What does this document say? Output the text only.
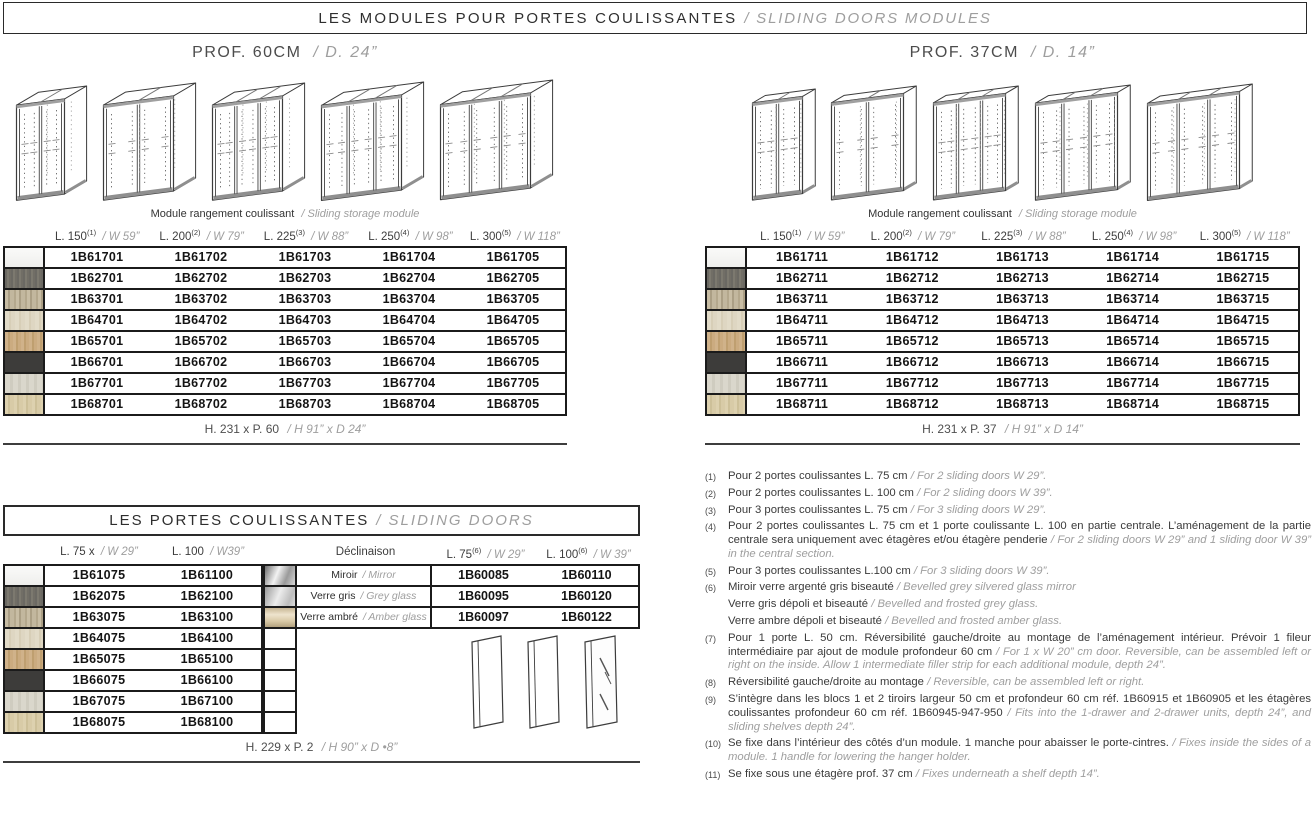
LES MODULES POUR PORTES COULISSANTES / SLIDING DOORS MODULES
PROF. 60CM / D. 24”
Module rangement coulissant / Sliding storage module
L. 150$^{(1)}$ / W 59”	L. 200$^{(2)}$ / W 79”	L. 225$^{(3)}$ / W 88”	L. 250$^{(4)}$ / W 98”	L. 300$^{(5)}$ / W 118”
1B61701	1B61702	1B61703	1B61704	1B61705
1B62701	1B62702	1B62703	1B62704	1B62705
1B63701	1B63702	1B63703	1B63704	1B63705
1B64701	1B64702	1B64703	1B64704	1B64705
1B65701	1B65702	1B65703	1B65704	1B65705
1B66701	1B66702	1B66703	1B66704	1B66705
1B67701	1B67702	1B67703	1B67704	1B67705
1B68701	1B68702	1B68703	1B68704	1B68705
H. 231 x P. 60 / H 91” x D 24”
PROF. 37CM / D. 14”
Module rangement coulissant / Sliding storage module
L. 150$^{(1)}$ / W 59”	L. 200$^{(2)}$ / W 79”	L. 225$^{(3)}$ / W 88”	L. 250$^{(4)}$ / W 98”	L. 300$^{(5)}$ / W 118”
1B61711	1B61712	1B61713	1B61714	1B61715
1B62711	1B62712	1B62713	1B62714	1B62715
1B63711	1B63712	1B63713	1B63714	1B63715
1B64711	1B64712	1B64713	1B64714	1B64715
1B65711	1B65712	1B65713	1B65714	1B65715
1B66711	1B66712	1B66713	1B66714	1B66715
1B67711	1B67712	1B67713	1B67714	1B67715
1B68711	1B68712	1B68713	1B68714	1B68715
H. 231 x P. 37 / H 91” x D 14”
LES PORTES COULISSANTES / SLIDING DOORS
L. 75 x / W 29”	L. 100 / W39”	Déclinaison	L. 75$^{(6)}$ / W 29”	L. 100$^{(6)}$ / W 39”
1B61075	1B61100
1B62075	1B62100
1B63075	1B63100
1B64075	1B64100
1B65075	1B65100
1B66075	1B66100
1B67075	1B67100
1B68075	1B68100
Miroir / Mirror	1B60085	1B60110
Verre gris / Grey glass	1B60095	1B60120
Verre ambré / Amber glass	1B60097	1B60122
H. 229 x P. 2 / H 90” x D •8”
(1)	Pour 2 portes coulissantes L. 75 cm / For 2 sliding doors W 29”.
(2)	Pour 2 portes coulissantes L. 100 cm / For 2 sliding doors W 39”.
(3)	Pour 3 portes coulissantes L. 75 cm / For 3 sliding doors W 29”.
(4)	Pour 2 portes coulissantes L. 75 cm et 1 porte coulissante L. 100 en partie centrale. L’aménagement de la partie centrale sera uniquement avec étagères et/ou étagère penderie / For 2 sliding doors W 29” and 1 sliding door W 39” in the central section.
(5)	Pour 3 portes coulissantes L.100 cm / For 3 sliding doors W 39”.
(6)	Miroir verre argenté gris biseauté / Bevelled grey silvered glass mirror
Verre gris dépoli et biseauté / Bevelled and frosted grey glass.
Verre ambre dépoli et biseauté / Bevelled and frosted amber glass.
(7)	Pour 1 porte L. 50 cm. Réversibilité gauche/droite au montage de l’aménagement intérieur. Prévoir 1 fileur intermédiaire par ajout de module profondeur 60 cm / For 1 x W 20” cm door. Reversible, can be assembled left or right on the inside. Allow 1 intermediate filler strip for each additional module, depth 24”.
(8)	Réversibilité gauche/droite au montage / Reversible, can be assembled left or right.
(9)	S’intègre dans les blocs 1 et 2 tiroirs largeur 50 cm et profondeur 60 cm réf. 1B60915 et 1B60905 et les étagères coulissantes profondeur 60 cm réf. 1B60945-947-950 / Fits into the 1-drawer and 2-drawer units, depth 24”, and sliding shelves depth 24”.
(10) Se fixe dans l’intérieur des côtés d’un module. 1 manche pour abaisser le porte-cintres. / Fixes inside the sides of a module. 1 handle for lowering the hanger holder.
(11) Se fixe sous une étagère prof. 37 cm / Fixes underneath a shelf depth 14”.
